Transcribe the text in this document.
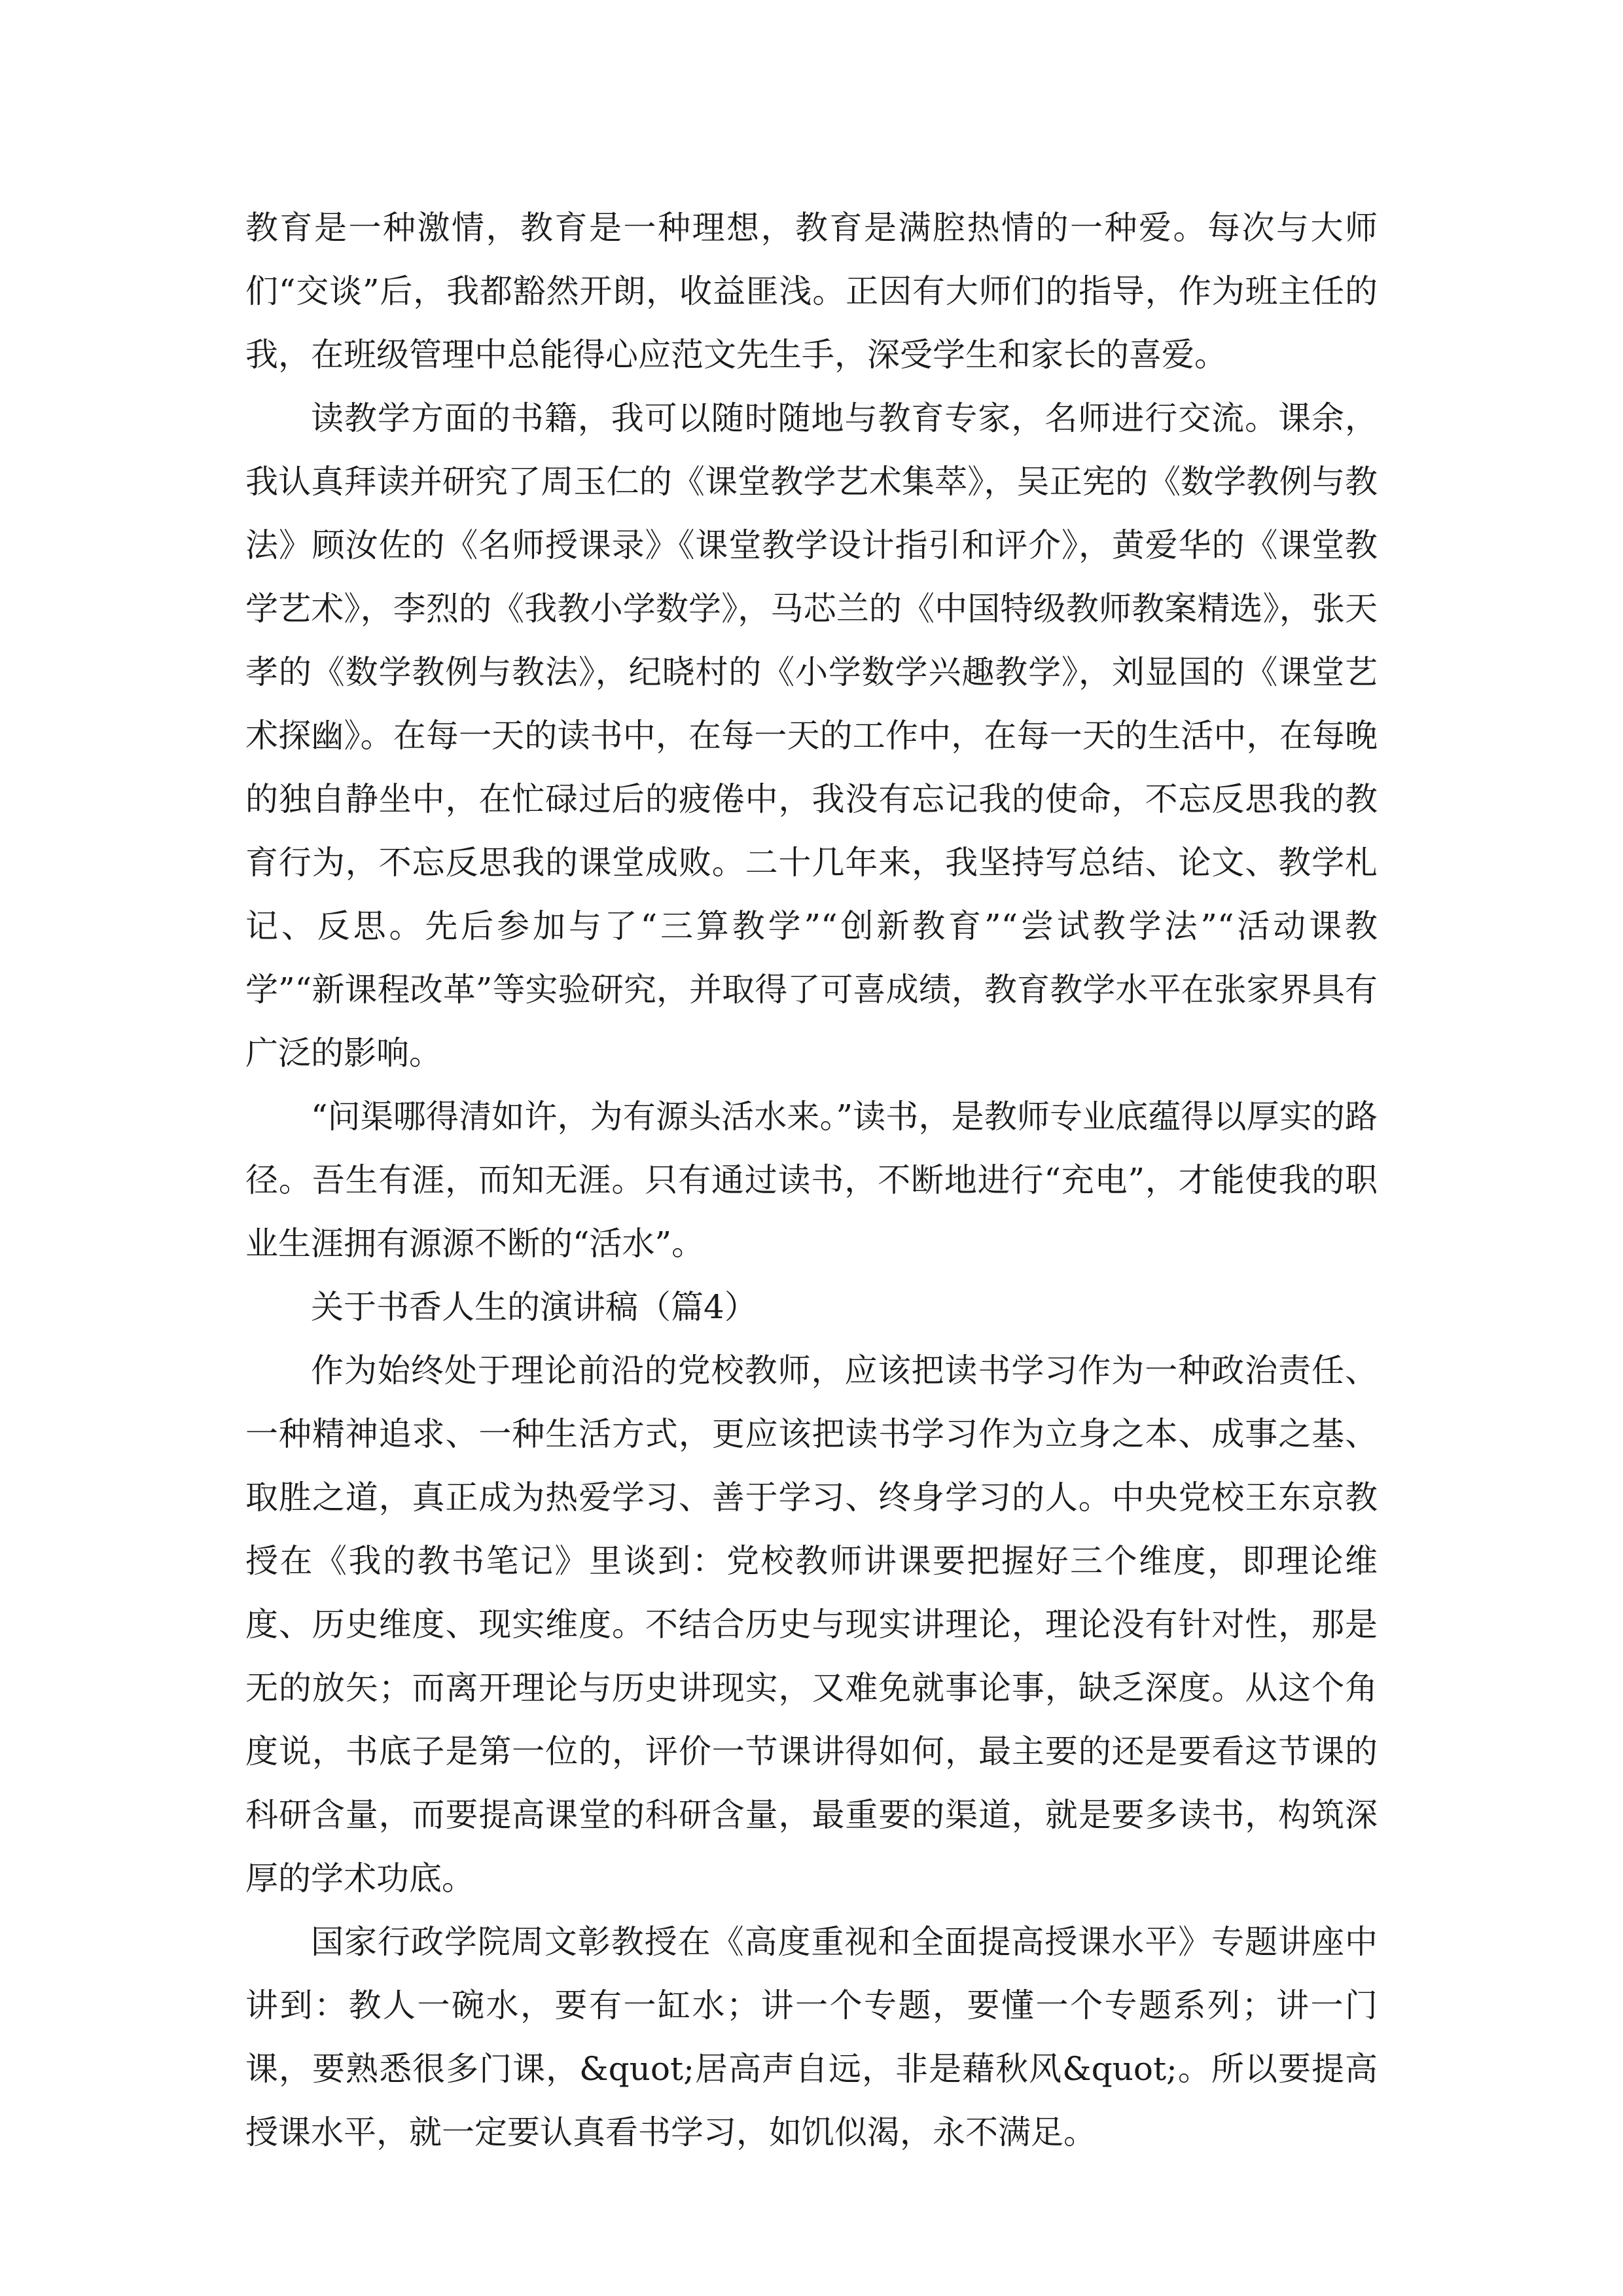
教育是一种激情，教育是一种理想，教育是满腔热情的一种爱。每次与大师们“交谈”后，我都豁然开朗，收益匪浅。正因有大师们的指导，作为班主任的我，在班级管理中总能得心应范文先生手，深受学生和家长的喜爱。

读教学方面的书籍，我可以随时随地与教育专家，名师进行交流。课余，我认真拜读并研究了周玉仁的《课堂教学艺术集萃》，吴正宪的《数学教例与教法》顾汝佐的《名师授课录》《课堂教学设计指引和评介》，黄爱华的《课堂教学艺术》，李烈的《我教小学数学》，马芯兰的《中国特级教师教案精选》，张天孝的《数学教例与教法》，纪晓村的《小学数学兴趣教学》，刘显国的《课堂艺术探幽》。在每一天的读书中，在每一天的工作中，在每一天的生活中，在每晚的独自静坐中，在忙碌过后的疲倦中，我没有忘记我的使命，不忘反思我的教育行为，不忘反思我的课堂成败。二十几年来，我坚持写总结、论文、教学札记、反思。先后参加与了“三算教学”“创新教育”“尝试教学法”“活动课教学”“新课程改革”等实验研究，并取得了可喜成绩，教育教学水平在张家界具有广泛的影响。

“问渠哪得清如许，为有源头活水来。”读书，是教师专业底蕴得以厚实的路径。吾生有涯，而知无涯。只有通过读书，不断地进行“充电”，才能使我的职业生涯拥有源源不断的“活水”。

关于书香人生的演讲稿（篇4）

作为始终处于理论前沿的党校教师，应该把读书学习作为一种政治责任、一种精神追求、一种生活方式，更应该把读书学习作为立身之本、成事之基、取胜之道，真正成为热爱学习、善于学习、终身学习的人。中央党校王东京教授在《我的教书笔记》里谈到：党校教师讲课要把握好三个维度，即理论维度、历史维度、现实维度。不结合历史与现实讲理论，理论没有针对性，那是无的放矢；而离开理论与历史讲现实，又难免就事论事，缺乏深度。从这个角度说，书底子是第一位的，评价一节课讲得如何，最主要的还是要看这节课的科研含量，而要提高课堂的科研含量，最重要的渠道，就是要多读书，构筑深厚的学术功底。

国家行政学院周文彰教授在《高度重视和全面提高授课水平》专题讲座中讲到：教人一碗水，要有一缸水；讲一个专题，要懂一个专题系列；讲一门课，要熟悉很多门课，&quot;居高声自远，非是藉秋风&quot;。所以要提高授课水平，就一定要认真看书学习，如饥似渴，永不满足。
